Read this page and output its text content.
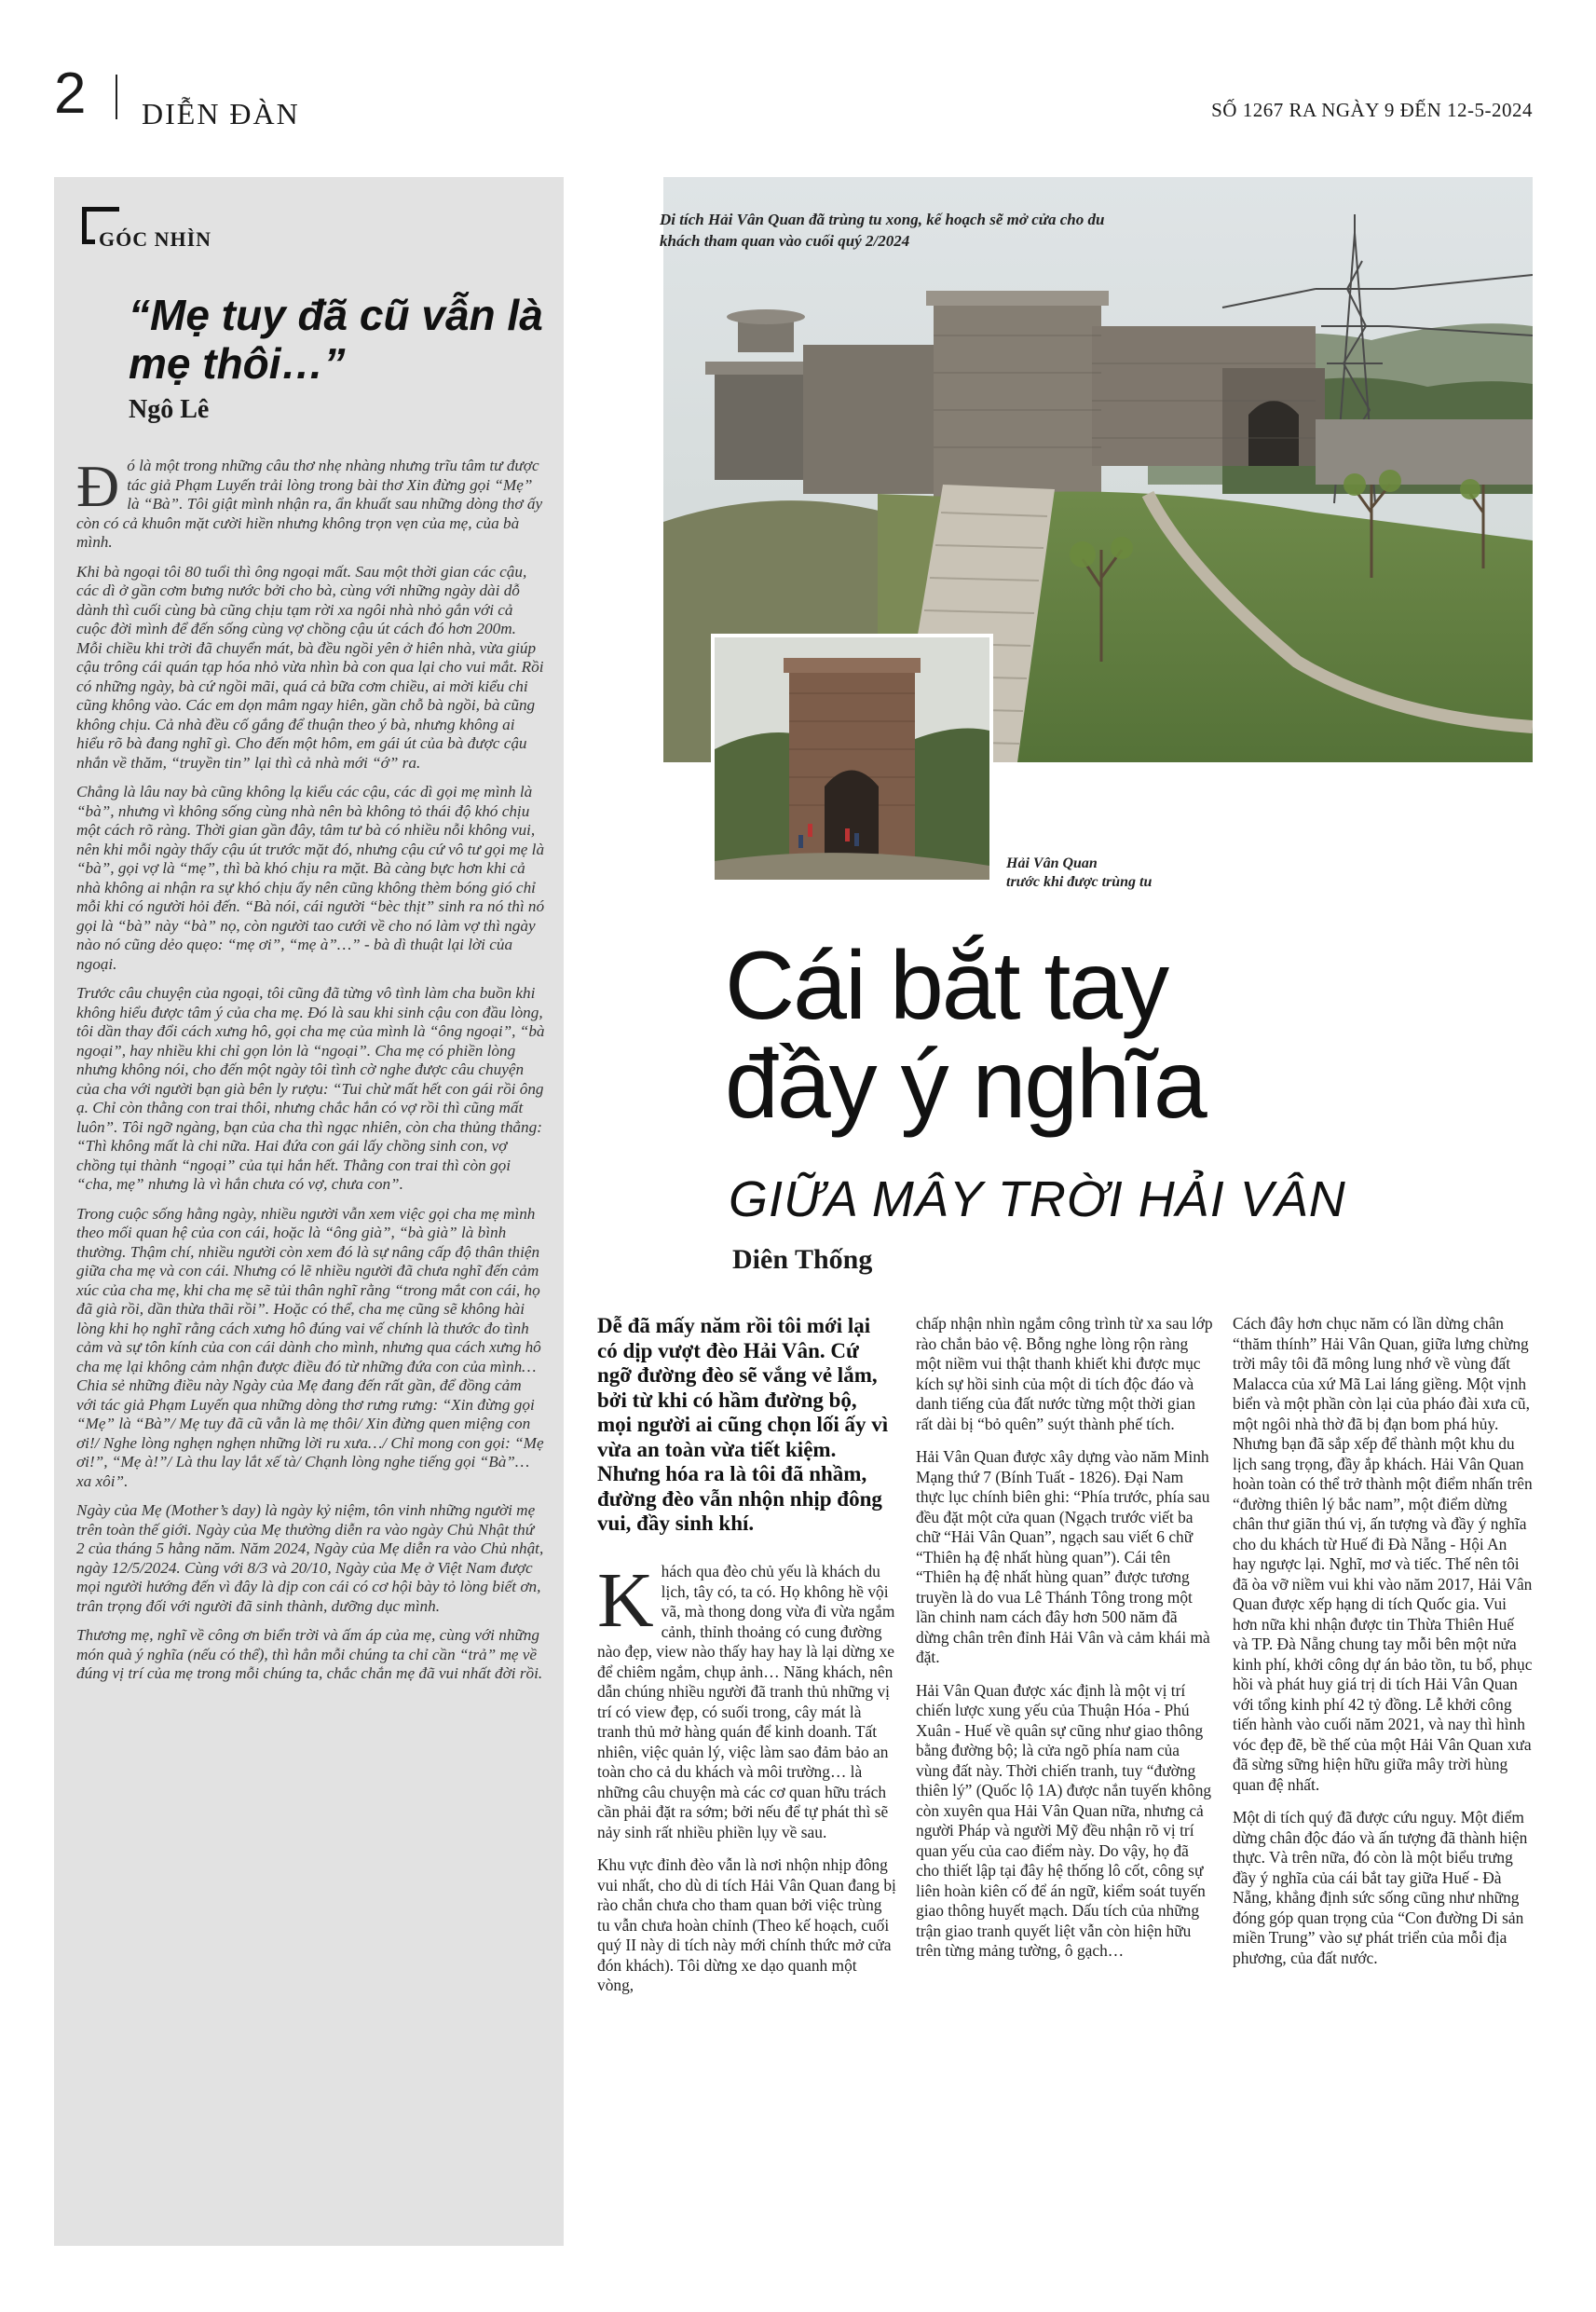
2 DIỄN ĐÀN	SỐ 1267 RA NGÀY 9 ĐẾN 12-5-2024
GÓC NHÌN
“Mẹ tuy đã cũ vẫn là mẹ thôi…”
Ngô Lê

Đó là một trong những câu thơ nhẹ nhàng nhưng trĩu tâm tư được tác giả Phạm Luyến trải lòng trong bài thơ Xin đừng gọi “Mẹ” là “Bà”. Tôi giật mình nhận ra, ẩn khuất sau những dòng thơ ấy còn có cả khuôn mặt cười hiền nhưng không trọn vẹn của mẹ, của bà mình.

Khi bà ngoại tôi 80 tuổi thì ông ngoại mất. Sau một thời gian các cậu, các dì ở gần cơm bưng nước bởi cho bà, cùng với những ngày dài dỗ dành thì cuối cùng bà cũng chịu tạm rời xa ngôi nhà nhỏ gắn với cả cuộc đời mình để đến sống cùng vợ chồng cậu út cách đó hơn 200m. Mỗi chiều khi trời đã chuyển mát, bà đều ngồi yên ở hiên nhà, vừa giúp cậu trông cái quán tạp hóa nhỏ vừa nhìn bà con qua lại cho vui mắt. Rồi có những ngày, bà cứ ngồi mãi, quá cả bữa cơm chiều, ai mời kiểu chi cũng không vào. Các em dọn mâm ngay hiên, gần chỗ bà ngồi, bà cũng không chịu. Cả nhà đều cố gắng để thuận theo ý bà, nhưng không ai hiểu rõ bà đang nghĩ gì. Cho đến một hôm, em gái út của bà được cậu nhắn về thăm, “truyền tin” lại thì cả nhà mới “ớ” ra.

Chẳng là lâu nay bà cũng không lạ kiểu các cậu, các dì gọi mẹ mình là “bà”, nhưng vì không sống cùng nhà nên bà không tỏ thái độ khó chịu một cách rõ ràng. Thời gian gần đây, tâm tư bà có nhiều nỗi không vui, nên khi mỗi ngày thấy cậu út trước mặt đó, nhưng cậu cứ vô tư gọi mẹ là “bà”, gọi vợ là “mẹ”, thì bà khó chịu ra mặt. Bà càng bực hơn khi cả nhà không ai nhận ra sự khó chịu ấy nên cũng không thèm bóng gió chỉ mỗi khi có người hỏi đến. “Bà nói, cái người “bèc thịt” sinh ra nó thì nó gọi là “bà” này “bà” nọ, còn người tao cưới về cho nó làm vợ thì ngày nào nó cũng dẻo quẹo: “mẹ ơi”, “mẹ à”…” - bà dì thuật lại lời của ngoại.

Trước câu chuyện của ngoại, tôi cũng đã từng vô tình làm cha buồn khi không hiểu được tâm ý của cha mẹ. Đó là sau khi sinh cậu con đầu lòng, tôi dần thay đổi cách xưng hô, gọi cha mẹ của mình là “ông ngoại”, “bà ngoại”, hay nhiều khi chỉ gọn lỏn là “ngoại”. Cha mẹ có phiền lòng nhưng không nói, cho đến một ngày tôi tình cờ nghe được câu chuyện của cha với người bạn già bên ly rượu: “Tui chừ mất hết con gái rồi ông ạ. Chỉ còn thằng con trai thôi, nhưng chắc hắn có vợ rồi thì cũng mất luôn”. Tôi ngỡ ngàng, bạn của cha thì ngạc nhiên, còn cha thủng thẳng: “Thì không mất là chi nữa. Hai đứa con gái lấy chồng sinh con, vợ chồng tụi thành “ngoại” của tụi hắn hết. Thằng con trai thì còn gọi “cha, mẹ” nhưng là vì hắn chưa có vợ, chưa con”.

Trong cuộc sống hằng ngày, nhiều người vẫn xem việc gọi cha mẹ mình theo mối quan hệ của con cái, hoặc là “ông già”, “bà già” là bình thường. Thậm chí, nhiều người còn xem đó là sự nâng cấp độ thân thiện giữa cha mẹ và con cái. Nhưng có lẽ nhiều người đã chưa nghĩ đến cảm xúc của cha mẹ, khi cha mẹ sẽ tủi thân nghĩ rằng “trong mắt con cái, họ đã già rồi, dần thừa thãi rồi”. Hoặc có thể, cha mẹ cũng sẽ không hài lòng khi họ nghĩ rằng cách xưng hô đúng vai vế chính là thước đo tình cảm và sự tôn kính của con cái dành cho mình, nhưng qua cách xưng hô cha mẹ lại không cảm nhận được điều đó từ những đứa con của mình… Chia sẻ những điều này Ngày của Mẹ đang đến rất gần, để đồng cảm với tác giả Phạm Luyến qua những dòng thơ rưng rưng: “Xin đừng gọi “Mẹ” là “Bà”/ Mẹ tuy đã cũ vẫn là mẹ thôi/ Xin đừng quen miệng con ơi!/ Nghe lòng nghẹn nghẹn những lời ru xưa…/ Chỉ mong con gọi: “Mẹ ơi!”, “Mẹ à!”/ Là thu lay lắt xế tà/ Chạnh lòng nghe tiếng gọi “Bà”… xa xôi”.

Ngày của Mẹ (Mother’s day) là ngày kỷ niệm, tôn vinh những người mẹ trên toàn thế giới. Ngày của Mẹ thường diễn ra vào ngày Chủ Nhật thứ 2 của tháng 5 hằng năm. Năm 2024, Ngày của Mẹ diễn ra vào Chủ nhật, ngày 12/5/2024. Cùng với 8/3 và 20/10, Ngày của Mẹ ở Việt Nam được mọi người hướng đến vì đây là dịp con cái có cơ hội bày tỏ lòng biết ơn, trân trọng đối với người đã sinh thành, dưỡng dục mình.

Thương mẹ, nghĩ về công ơn biển trời và ấm áp của mẹ, cùng với những món quà ý nghĩa (nếu có thể), thì hẳn mỗi chúng ta chỉ cần “trả” mẹ về đúng vị trí của mẹ trong mỗi chúng ta, chắc chắn mẹ đã vui nhất đời rồi.

Di tích Hải Vân Quan đã trùng tu xong, kế hoạch sẽ mở cửa cho du khách tham quan vào cuối quý 2/2024
Hải Vân Quan
trước khi được trùng tu
Cái bắt tay
đầy ý nghĩa
GIỮA MÂY TRỜI HẢI VÂN
Diên Thống
Dễ đã mấy năm rồi tôi mới lại có dịp vượt đèo Hải Vân. Cứ ngỡ đường đèo sẽ vắng vẻ lắm, bởi từ khi có hầm đường bộ, mọi người ai cũng chọn lối ấy vì vừa an toàn vừa tiết kiệm. Nhưng hóa ra là tôi đã nhầm, đường đèo vẫn nhộn nhịp đông vui, đầy sinh khí.

Khách qua đèo chủ yếu là khách du lịch, tây có, ta có. Họ không hề vội vã, mà thong dong vừa đi vừa ngắm cảnh, thỉnh thoảng có cung đường nào đẹp, view nào thấy hay hay là lại dừng xe để chiêm ngắm, chụp ảnh… Năng khách, nên dẫn chúng nhiều người đã tranh thủ những vị trí có view đẹp, có suối trong, cây mát là tranh thủ mở hàng quán để kinh doanh. Tất nhiên, việc quản lý, việc làm sao đảm bảo an toàn cho cả du khách và môi trường… là những câu chuyện mà các cơ quan hữu trách cần phải đặt ra sớm; bởi nếu để tự phát thì sẽ nảy sinh rất nhiều phiền lụy về sau.

Khu vực đỉnh đèo vẫn là nơi nhộn nhịp đông vui nhất, cho dù di tích Hải Vân Quan đang bị rào chắn chưa cho tham quan bởi việc trùng tu vẫn chưa hoàn chỉnh (Theo kế hoạch, cuối quý II này di tích này mới chính thức mở cửa đón khách). Tôi dừng xe dạo quanh một vòng,

chấp nhận nhìn ngắm công trình từ xa sau lớp rào chắn bảo vệ. Bỗng nghe lòng rộn ràng một niềm vui thật thanh khiết khi được mục kích sự hồi sinh của một di tích độc đáo và danh tiếng của đất nước từng một thời gian rất dài bị “bỏ quên” suýt thành phế tích.

Hải Vân Quan được xây dựng vào năm Minh Mạng thứ 7 (Bính Tuất - 1826). Đại Nam thực lục chính biên ghi: “Phía trước, phía sau đều đặt một cửa quan (Ngạch trước viết ba chữ “Hải Vân Quan”, ngạch sau viết 6 chữ “Thiên hạ đệ nhất hùng quan”). Cái tên “Thiên hạ đệ nhất hùng quan” được tương truyền là do vua Lê Thánh Tông trong một lần chinh nam cách đây hơn 500 năm đã dừng chân trên đỉnh Hải Vân và cảm khái mà đặt.

Hải Vân Quan được xác định là một vị trí chiến lược xung yếu của Thuận Hóa - Phú Xuân - Huế về quân sự cũng như giao thông bằng đường bộ; là cửa ngõ phía nam của vùng đất này. Thời chiến tranh, tuy “đường thiên lý” (Quốc lộ 1A) được nắn tuyến không còn xuyên qua Hải Vân Quan nữa, nhưng cả người Pháp và người Mỹ đều nhận rõ vị trí quan yếu của cao điểm này. Do vậy, họ đã cho thiết lập tại đây hệ thống lô cốt, công sự liên hoàn kiên cố để án ngữ, kiểm soát tuyến giao thông huyết mạch. Dấu tích của những trận giao tranh quyết liệt vẫn còn hiện hữu trên từng mảng tường, ô gạch…

Cách đây hơn chục năm có lần dừng chân “thăm thính” Hải Vân Quan, giữa lưng chừng trời mây tôi đã mông lung nhớ về vùng đất Malacca của xứ Mã Lai láng giềng. Một vịnh biển và một phần còn lại của pháo đài xưa cũ, một ngôi nhà thờ đã bị đạn bom phá hủy. Nhưng bạn đã sắp xếp để thành một khu du lịch sang trọng, đầy ắp khách. Hải Vân Quan hoàn toàn có thể trở thành một điểm nhấn trên “đường thiên lý bắc nam”, một điểm dừng chân thư giãn thú vị, ấn tượng và đầy ý nghĩa cho du khách từ Huế đi Đà Nẵng - Hội An hay ngược lại. Nghĩ, mơ và tiếc. Thế nên tôi đã òa vỡ niềm vui khi vào năm 2017, Hải Vân Quan được xếp hạng di tích Quốc gia. Vui hơn nữa khi nhận được tin Thừa Thiên Huế và TP. Đà Nẵng chung tay mỗi bên một nửa kinh phí, khởi công dự án bảo tồn, tu bổ, phục hồi và phát huy giá trị di tích Hải Vân Quan với tổng kinh phí 42 tỷ đồng. Lễ khởi công tiến hành vào cuối năm 2021, và nay thì hình vóc đẹp đẽ, bề thế của một Hải Vân Quan xưa đã sừng sững hiện hữu giữa mây trời hùng quan đệ nhất.

Một di tích quý đã được cứu nguy. Một điểm dừng chân độc đáo và ấn tượng đã thành hiện thực. Và trên nữa, đó còn là một biểu trưng đầy ý nghĩa của cái bắt tay giữa Huế - Đà Nẵng, khẳng định sức sống cũng như những đóng góp quan trọng của “Con đường Di sản miền Trung” vào sự phát triển của mỗi địa phương, của đất nước.
